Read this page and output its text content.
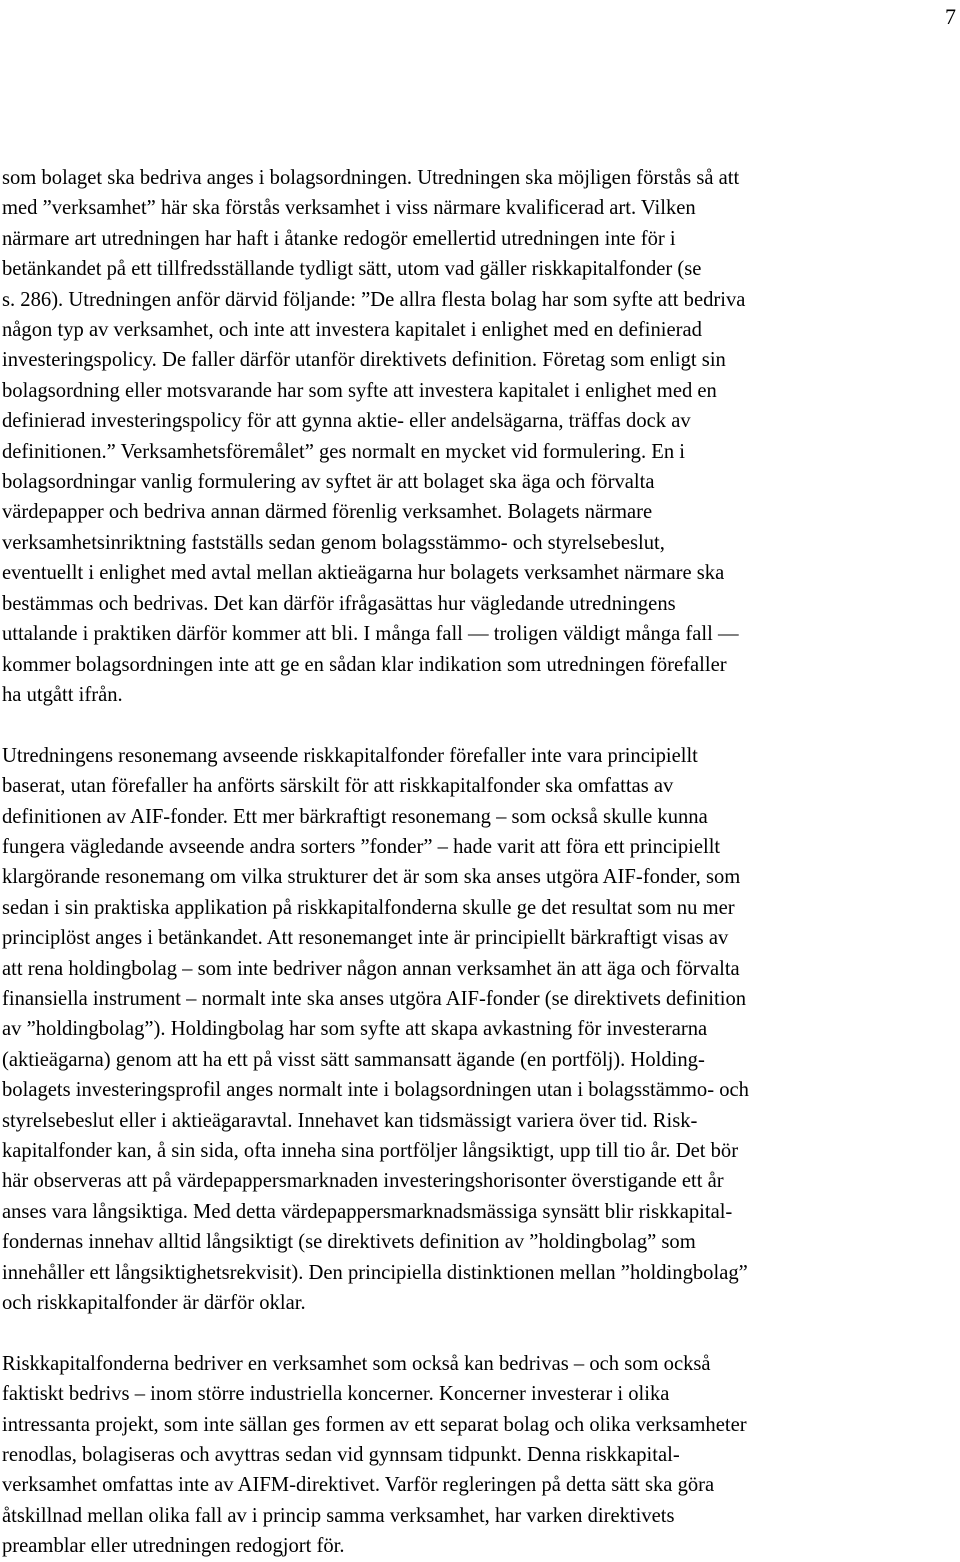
7

som bolaget ska bedriva anges i bolagsordningen. Utredningen ska möjligen förstås så att
med ”verksamhet” här ska förstås verksamhet i viss närmare kvalificerad art. Vilken
närmare art utredningen har haft i åtanke redogör emellertid utredningen inte för i
betänkandet på ett tillfredsställande tydligt sätt, utom vad gäller riskkapitalfonder (se
s. 286). Utredningen anför därvid följande: ”De allra flesta bolag har som syfte att bedriva
någon typ av verksamhet, och inte att investera kapitalet i enlighet med en definierad
investeringspolicy. De faller därför utanför direktivets definition. Företag som enligt sin
bolagsordning eller motsvarande har som syfte att investera kapitalet i enlighet med en
definierad investeringspolicy för att gynna aktie- eller andelsägarna, träffas dock av
definitionen.” Verksamhetsföremålet” ges normalt en mycket vid formulering. En i
bolagsordningar vanlig formulering av syftet är att bolaget ska äga och förvalta
värdepapper och bedriva annan därmed förenlig verksamhet. Bolagets närmare
verksamhetsinriktning fastställs sedan genom bolagsstämmo- och styrelsebeslut,
eventuellt i enlighet med avtal mellan aktieägarna hur bolagets verksamhet närmare ska
bestämmas och bedrivas. Det kan därför ifrågasättas hur vägledande utredningens
uttalande i praktiken därför kommer att bli. I många fall — troligen väldigt många fall —
kommer bolagsordningen inte att ge en sådan klar indikation som utredningen förefaller
ha utgått ifrån.

Utredningens resonemang avseende riskkapitalfonder förefaller inte vara principiellt
baserat, utan förefaller ha anförts särskilt för att riskkapitalfonder ska omfattas av
definitionen av AIF-fonder. Ett mer bärkraftigt resonemang – som också skulle kunna
fungera vägledande avseende andra sorters ”fonder” – hade varit att föra ett principiellt
klargörande resonemang om vilka strukturer det är som ska anses utgöra AIF-fonder, som
sedan i sin praktiska applikation på riskkapitalfonderna skulle ge det resultat som nu mer
principlöst anges i betänkandet. Att resonemanget inte är principiellt bärkraftigt visas av
att rena holdingbolag – som inte bedriver någon annan verksamhet än att äga och förvalta
finansiella instrument – normalt inte ska anses utgöra AIF-fonder (se direktivets definition
av ”holdingbolag”). Holdingbolag har som syfte att skapa avkastning för investerarna
(aktieägarna) genom att ha ett på visst sätt sammansatt ägande (en portfölj). Holding-
bolagets investeringsprofil anges normalt inte i bolagsordningen utan i bolagsstämmo- och
styrelsebeslut eller i aktieägaravtal. Innehavet kan tidsmässigt variera över tid. Risk-
kapitalfonder kan, å sin sida, ofta inneha sina portföljer långsiktigt, upp till tio år. Det bör
här observeras att på värdepappersmarknaden investeringshorisonter överstigande ett år
anses vara långsiktiga. Med detta värdepappersmarknadsmässiga synsätt blir riskkapital-
fondernas innehav alltid långsiktigt (se direktivets definition av ”holdingbolag” som
innehåller ett långsiktighetsrekvisit). Den principiella distinktionen mellan ”holdingbolag”
och riskkapitalfonder är därför oklar.

Riskkapitalfonderna bedriver en verksamhet som också kan bedrivas – och som också
faktiskt bedrivs – inom större industriella koncerner. Koncerner investerar i olika
intressanta projekt, som inte sällan ges formen av ett separat bolag och olika verksamheter
renodlas, bolagiseras och avyttras sedan vid gynnsam tidpunkt. Denna riskkapital-
verksamhet omfattas inte av AIFM-direktivet. Varför regleringen på detta sätt ska göra
åtskillnad mellan olika fall av i princip samma verksamhet, har varken direktivets
preamblar eller utredningen redogjort för.
